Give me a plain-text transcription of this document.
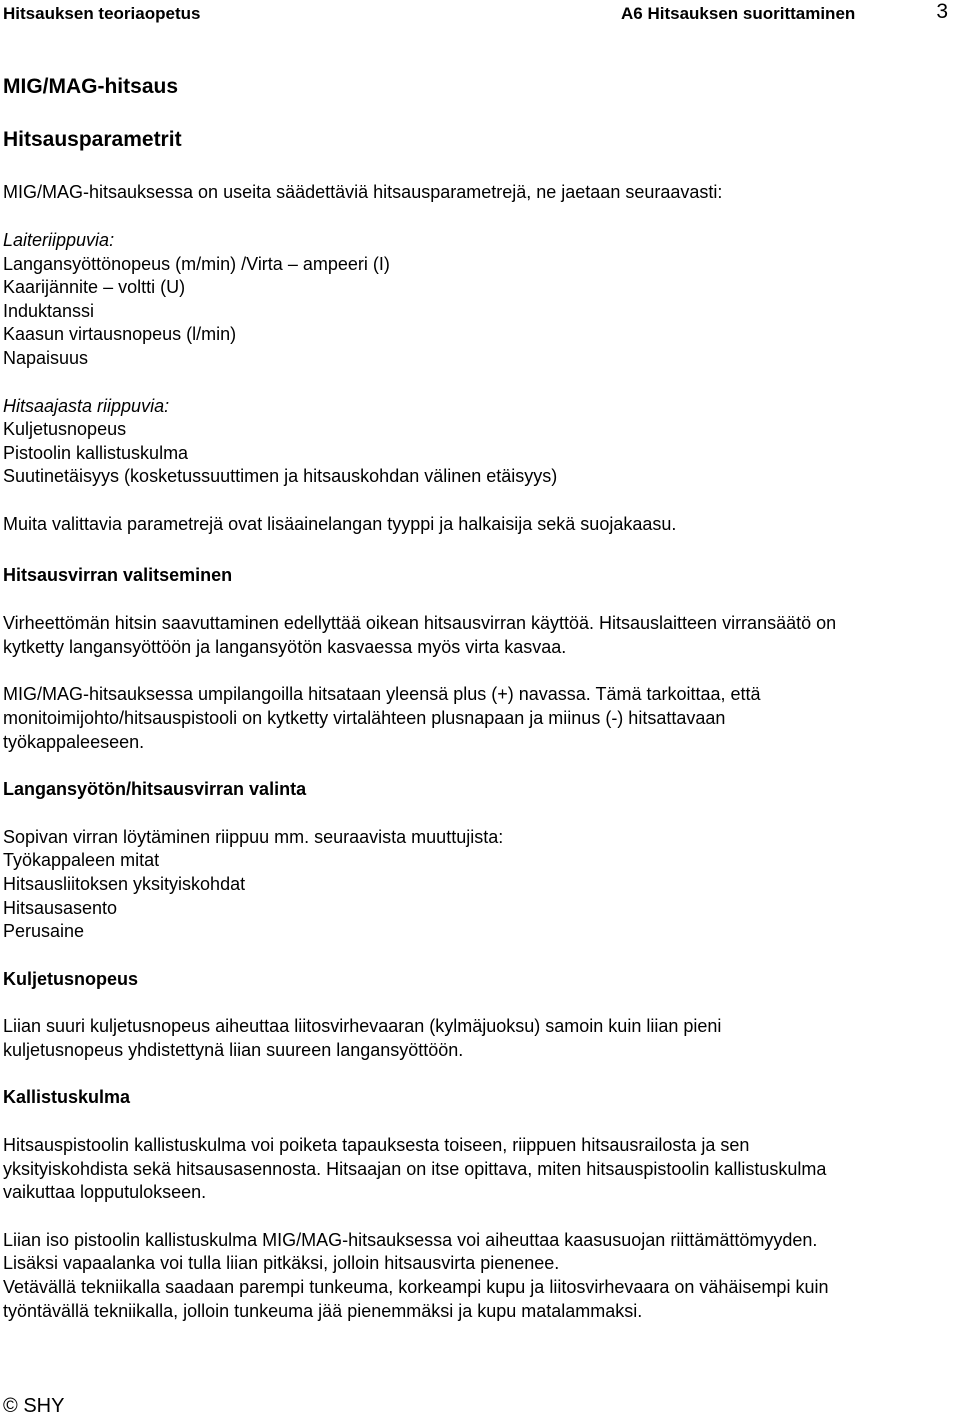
Hitsauksen teoriaopetus	A6 Hitsauksen suorittaminen	3

MIG/MAG-hitsaus

Hitsausparametrit

MIG/MAG-hitsauksessa on useita säädettäviä hitsausparametrejä, ne jaetaan seuraavasti:

Laiteriippuvia:

Langansyöttönopeus (m/min) /Virta – ampeeri (I)

Kaarijännite – voltti (U)

Induktanssi

Kaasun virtausnopeus (l/min)

Napaisuus

Hitsaajasta riippuvia:

Kuljetusnopeus

Pistoolin kallistuskulma

Suutinetäisyys (kosketussuuttimen ja hitsauskohdan välinen etäisyys)

Muita valittavia parametrejä ovat lisäainelangan tyyppi ja halkaisija sekä suojakaasu.

Hitsausvirran valitseminen

Virheettömän hitsin saavuttaminen edellyttää oikean hitsausvirran käyttöä. Hitsauslaitteen virransäätö on

kytketty langansyöttöön ja langansyötön kasvaessa myös virta kasvaa.

MIG/MAG-hitsauksessa umpilangoilla hitsataan yleensä plus (+) navassa. Tämä tarkoittaa, että

monitoimijohto/hitsauspistooli on kytketty virtalähteen plusnapaan ja miinus (-) hitsattavaan

työkappaleeseen.

Langansyötön/hitsausvirran valinta

Sopivan virran löytäminen riippuu mm. seuraavista muuttujista:

Työkappaleen mitat

Hitsausliitoksen yksityiskohdat

Hitsausasento

Perusaine

Kuljetusnopeus

Liian suuri kuljetusnopeus aiheuttaa liitosvirhevaaran (kylmäjuoksu) samoin kuin liian pieni

kuljetusnopeus yhdistettynä liian suureen langansyöttöön.

Kallistuskulma

Hitsauspistoolin kallistuskulma voi poiketa tapauksesta toiseen, riippuen hitsausrailosta ja sen

yksityiskohdista sekä hitsausasennosta. Hitsaajan on itse opittava, miten hitsauspistoolin kallistuskulma

vaikuttaa lopputulokseen.

Liian iso pistoolin kallistuskulma MIG/MAG-hitsauksessa voi aiheuttaa kaasusuojan riittämättömyyden.

Lisäksi vapaalanka voi tulla liian pitkäksi, jolloin hitsausvirta pienenee.

Vetävällä tekniikalla saadaan parempi tunkeuma, korkeampi kupu ja liitosvirhevaara on vähäisempi kuin

työntävällä tekniikalla, jolloin tunkeuma jää pienemmäksi ja kupu matalammaksi.

© SHY
